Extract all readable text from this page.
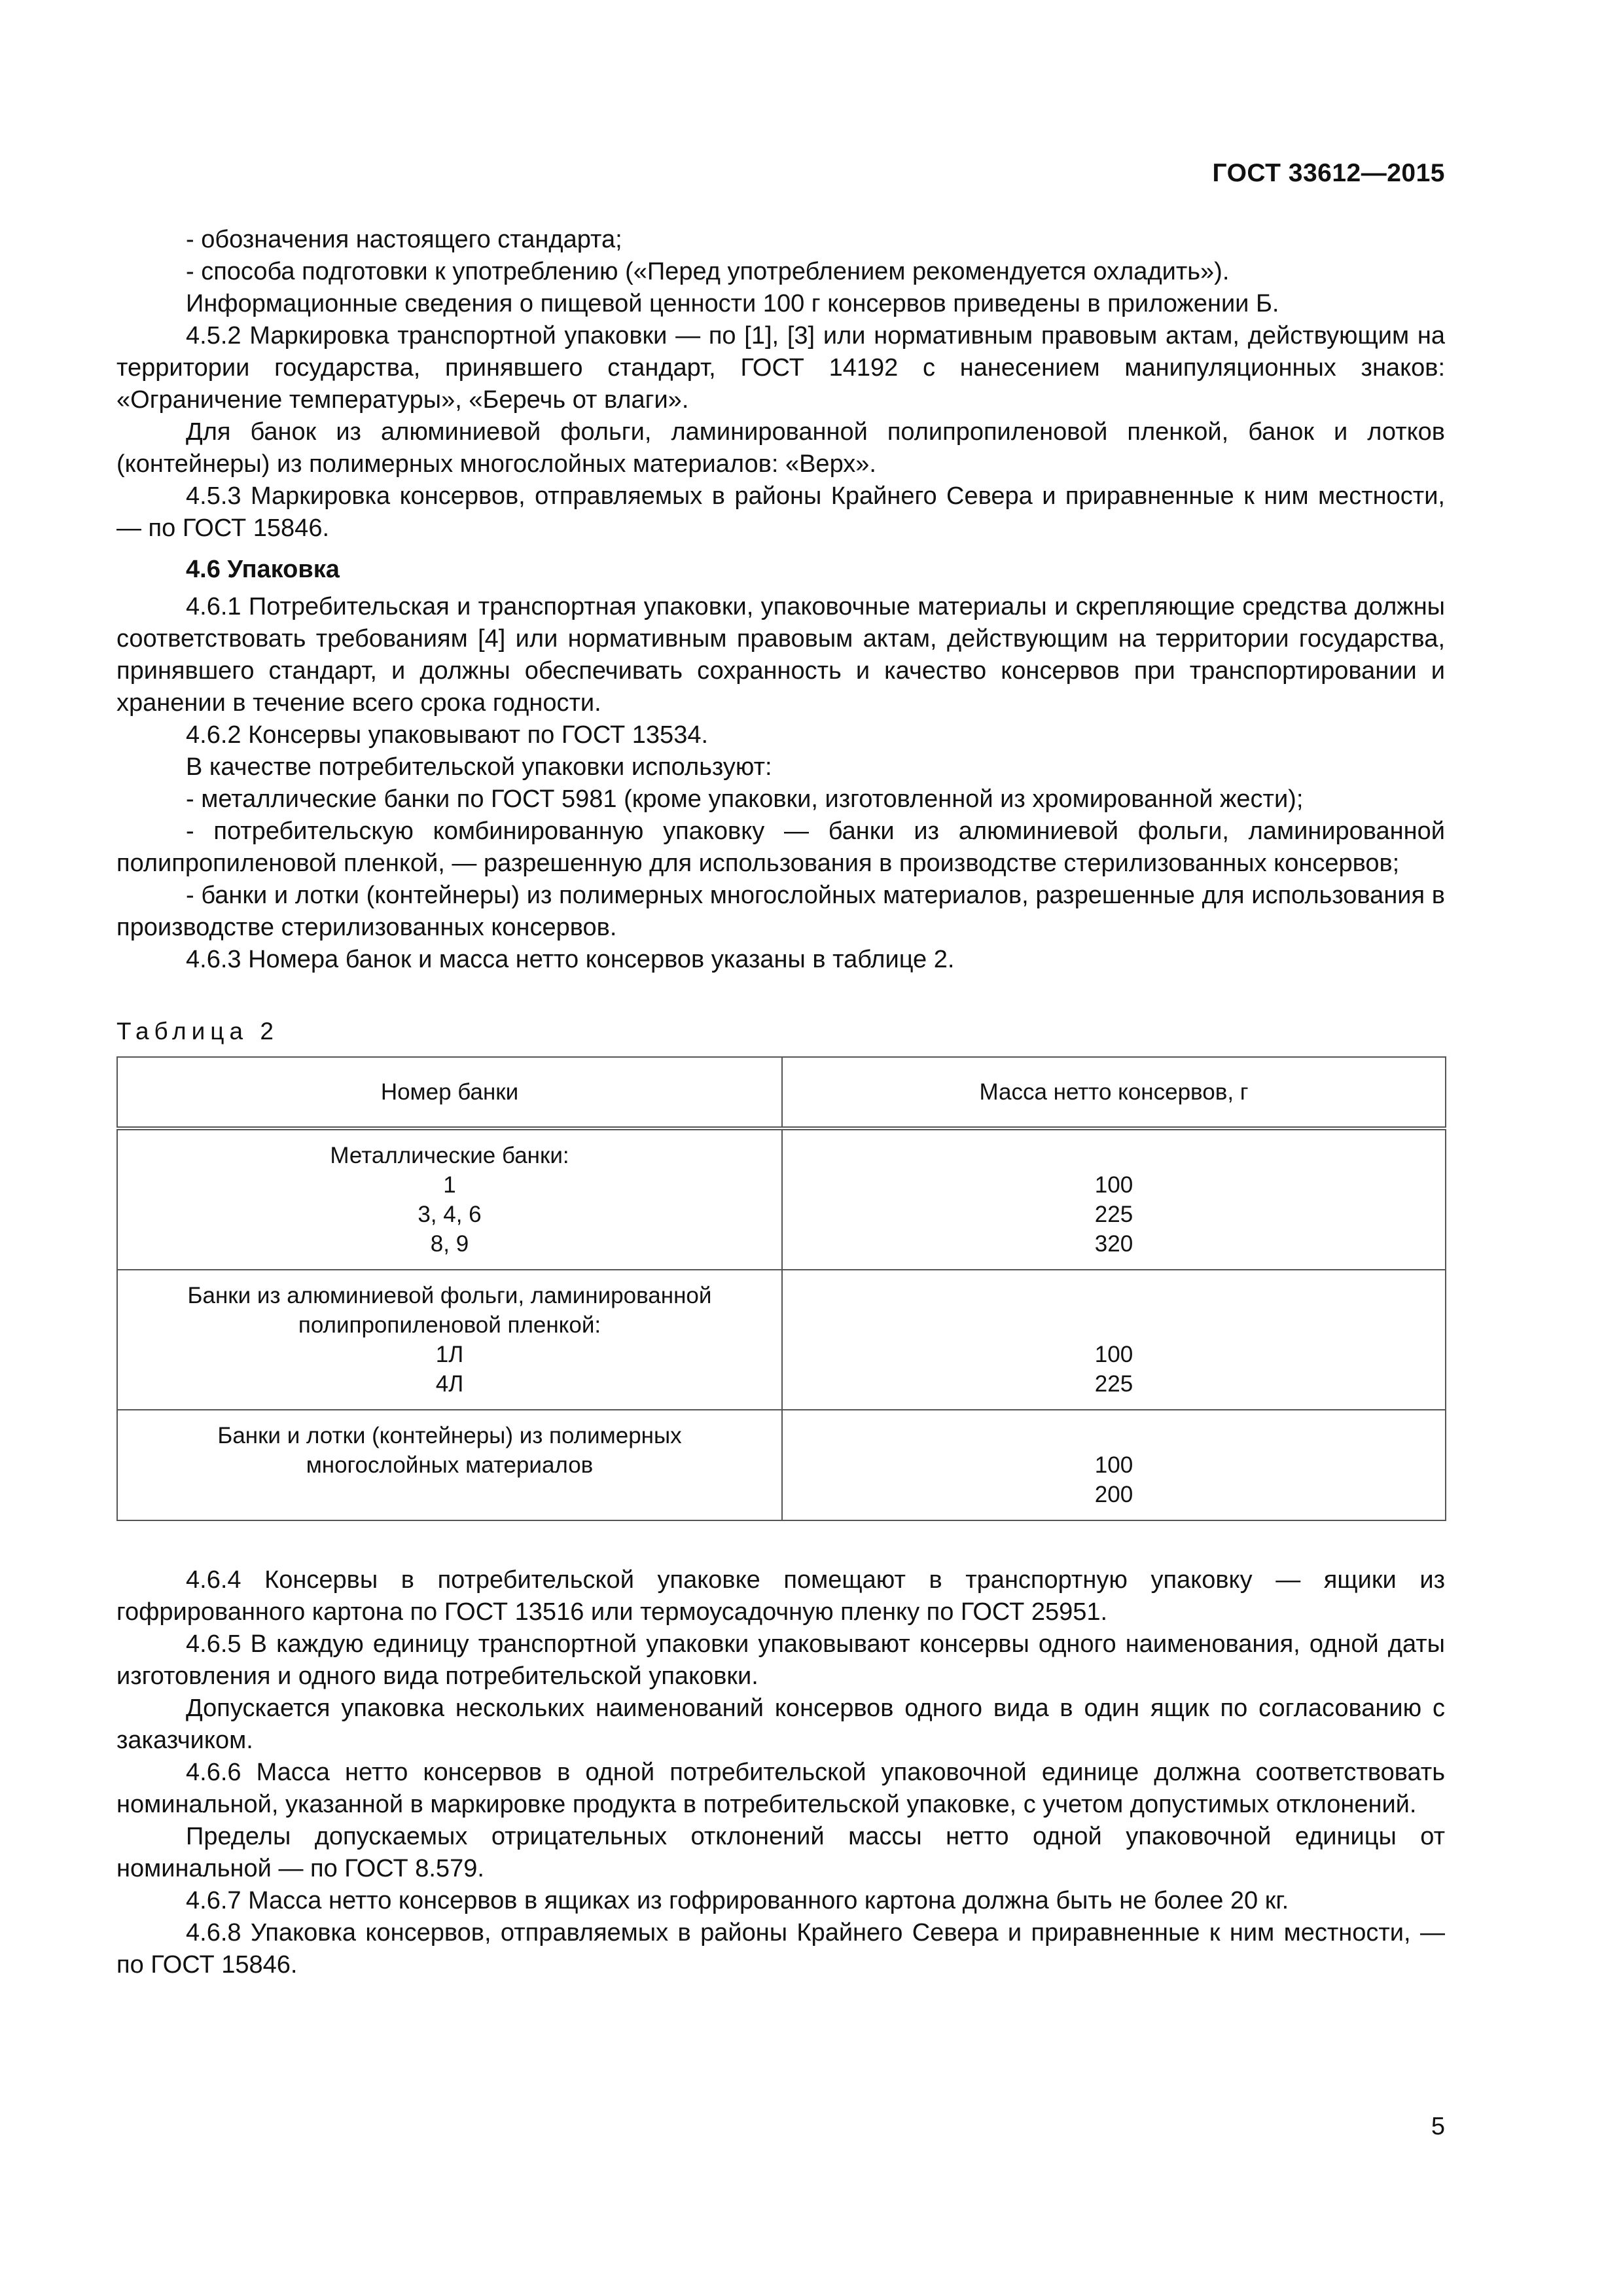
ГОСТ 33612—2015

- обозначения настоящего стандарта;

- способа подготовки к употреблению («Перед употреблением рекомендуется охладить»).

Информационные сведения о пищевой ценности 100 г консервов приведены в приложении Б.

4.5.2 Маркировка транспортной упаковки — по [1], [3] или нормативным правовым актам, действующим на территории государства, принявшего стандарт, ГОСТ 14192 с нанесением манипуляционных знаков: «Ограничение температуры», «Беречь от влаги».

Для банок из алюминиевой фольги, ламинированной полипропиленовой пленкой, банок и лотков (контейнеры) из полимерных многослойных материалов: «Верх».

4.5.3 Маркировка консервов, отправляемых в районы Крайнего Севера и приравненные к ним местности, — по ГОСТ 15846.

4.6 Упаковка

4.6.1 Потребительская и транспортная упаковки, упаковочные материалы и скрепляющие средства должны соответствовать требованиям [4] или нормативным правовым актам, действующим на территории государства, принявшего стандарт, и должны обеспечивать сохранность и качество консервов при транспортировании и хранении в течение всего срока годности.

4.6.2 Консервы упаковывают по ГОСТ 13534.

В качестве потребительской упаковки используют:

- металлические банки по ГОСТ 5981 (кроме упаковки, изготовленной из хромированной жести);

- потребительскую комбинированную упаковку — банки из алюминиевой фольги, ламинированной полипропиленовой пленкой, — разрешенную для использования в производстве стерилизованных консервов;

- банки и лотки (контейнеры) из полимерных многослойных материалов, разрешенные для использования в производстве стерилизованных консервов.

4.6.3 Номера банок и масса нетто консервов указаны в таблице 2.

Таблица 2

Номер банки	Масса нетто консервов, г

Металлические банки:
1
3, 4, 6
8, 9	100
225
320

Банки из алюминиевой фольги, ламинированной
полипропиленовой пленкой:
1Л
4Л	100
225

Банки и лотки (контейнеры) из полимерных
многослойных материалов	100
200

4.6.4 Консервы в потребительской упаковке помещают в транспортную упаковку — ящики из гофрированного картона по ГОСТ 13516 или термоусадочную пленку по ГОСТ 25951.

4.6.5 В каждую единицу транспортной упаковки упаковывают консервы одного наименования, одной даты изготовления и одного вида потребительской упаковки.

Допускается упаковка нескольких наименований консервов одного вида в один ящик по согласованию с заказчиком.

4.6.6 Масса нетто консервов в одной потребительской упаковочной единице должна соответствовать номинальной, указанной в маркировке продукта в потребительской упаковке, с учетом допустимых отклонений.

Пределы допускаемых отрицательных отклонений массы нетто одной упаковочной единицы от номинальной — по ГОСТ 8.579.

4.6.7 Масса нетто консервов в ящиках из гофрированного картона должна быть не более 20 кг.

4.6.8 Упаковка консервов, отправляемых в районы Крайнего Севера и приравненные к ним местности, — по ГОСТ 15846.

5
